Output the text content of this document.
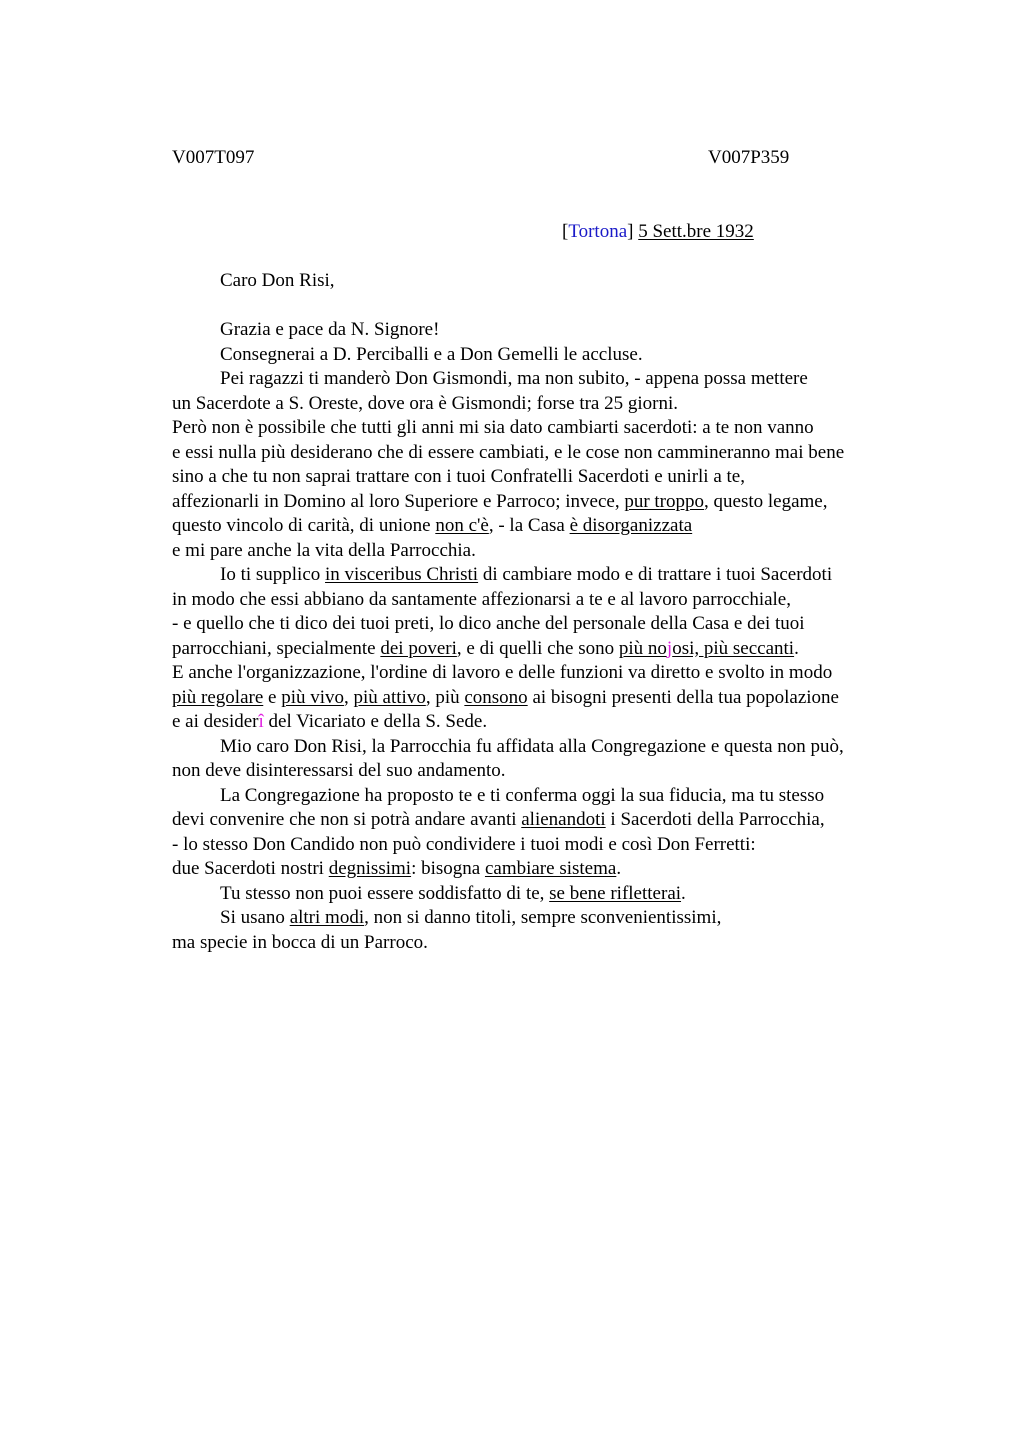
V007T097	V007P359
[Tortona] 5 Sett.bre 1932
Caro Don Risi,
Grazia e pace da N. Signore!
Consegnerai a D. Perciballi e a Don Gemelli le accluse.
Pei ragazzi ti manderò Don Gismondi, ma non subito, - appena possa mettere
un Sacerdote a S. Oreste, dove ora è Gismondi; forse tra 25 giorni.
Però non è possibile che tutti gli anni mi sia dato cambiarti sacerdoti: a te non vanno
e essi nulla più desiderano che di essere cambiati, e le cose non cammineranno mai bene
sino a che tu non saprai trattare con i tuoi Confratelli Sacerdoti e unirli a te,
affezionarli in Domino al loro Superiore e Parroco; invece, pur troppo, questo legame,
questo vincolo di carità, di unione non c'è, - la Casa è disorganizzata
e mi pare anche la vita della Parrocchia.
Io ti supplico in visceribus Christi di cambiare modo e di trattare i tuoi Sacerdoti
in modo che essi abbiano da santamente affezionarsi a te e al lavoro parrocchiale,
- e quello che ti dico dei tuoi preti, lo dico anche del personale della Casa e dei tuoi
parrocchiani, specialmente dei poveri, e di quelli che sono più nojosi, più seccanti.
E anche l'organizzazione, l'ordine di lavoro e delle funzioni va diretto e svolto in modo
più regolare e più vivo, più attivo, più consono ai bisogni presenti della tua popolazione
e ai desiderî del Vicariato e della S. Sede.
Mio caro Don Risi, la Parrocchia fu affidata alla Congregazione e questa non può,
non deve disinteressarsi del suo andamento.
La Congregazione ha proposto te e ti conferma oggi la sua fiducia, ma tu stesso
devi convenire che non si potrà andare avanti alienandoti i Sacerdoti della Parrocchia,
- lo stesso Don Candido non può condividere i tuoi modi e così Don Ferretti:
due Sacerdoti nostri degnissimi: bisogna cambiare sistema.
Tu stesso non puoi essere soddisfatto di te, se bene rifletterai.
Si usano altri modi, non si danno titoli, sempre sconvenientissimi,
ma specie in bocca di un Parroco.
